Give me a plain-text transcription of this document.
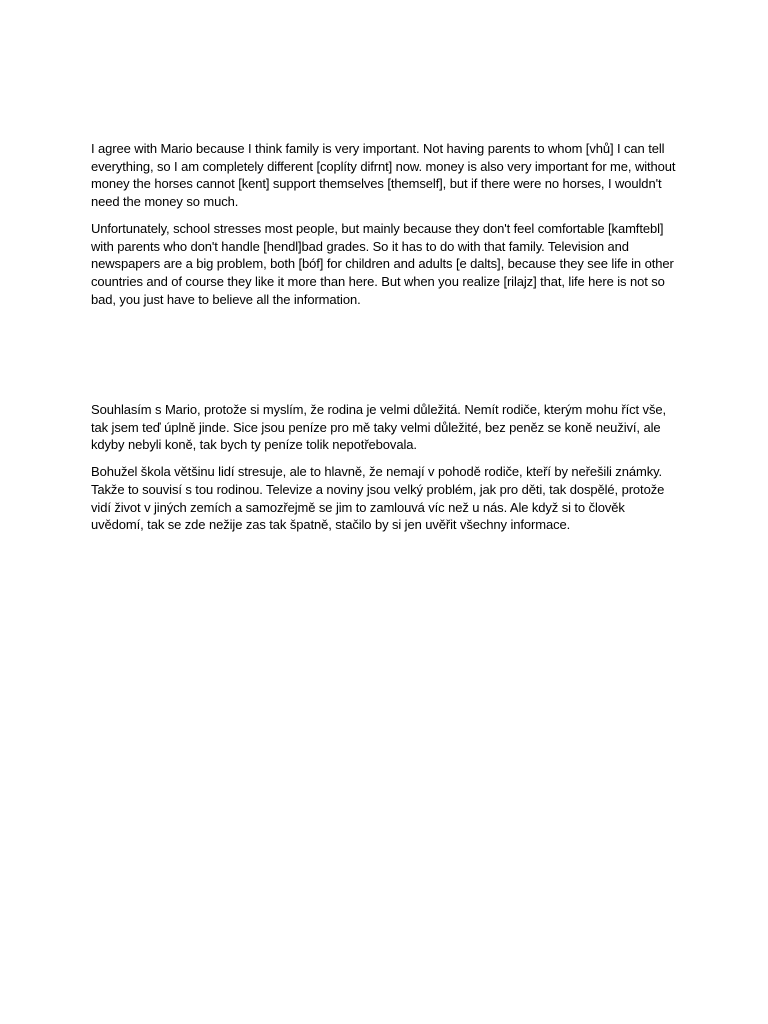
I agree with Mario because I think family is very important. Not having parents to whom [vhů] I can tell everything, so I am completely different [coplíty difrnt] now. money is also very important for me, without money the horses cannot [kent] support themselves [themself], but if there were no horses, I wouldn't need the money so much.

Unfortunately, school stresses most people, but mainly because they don't feel comfortable [kamftebl] with parents who don't handle [hendl]bad grades. So it has to do with that family. Television and newspapers are a big problem, both [bóf] for children and adults [e dalts], because they see life in other countries and of course they like it more than here. But when you realize [rilajz] that, life here is not so bad, you just have to believe all the information.

Souhlasím s Mario, protože si myslím, že rodina je velmi důležitá. Nemít rodiče, kterým mohu říct vše, tak jsem teď úplně jinde. Sice jsou peníze pro mě taky velmi důležité, bez peněz se koně neuživí, ale kdyby nebyli koně, tak bych ty peníze tolik nepotřebovala.

Bohužel škola většinu lidí stresuje, ale to hlavně, že nemají v pohodě rodiče, kteří by neřešili známky. Takže to souvisí s tou rodinou. Televize a noviny jsou velký problém, jak pro děti, tak dospělé, protože vidí život v jiných zemích a samozřejmě se jim to zamlouvá víc než u nás. Ale když si to člověk uvědomí, tak se zde nežije zas tak špatně, stačilo by si jen uvěřit všechny informace.
